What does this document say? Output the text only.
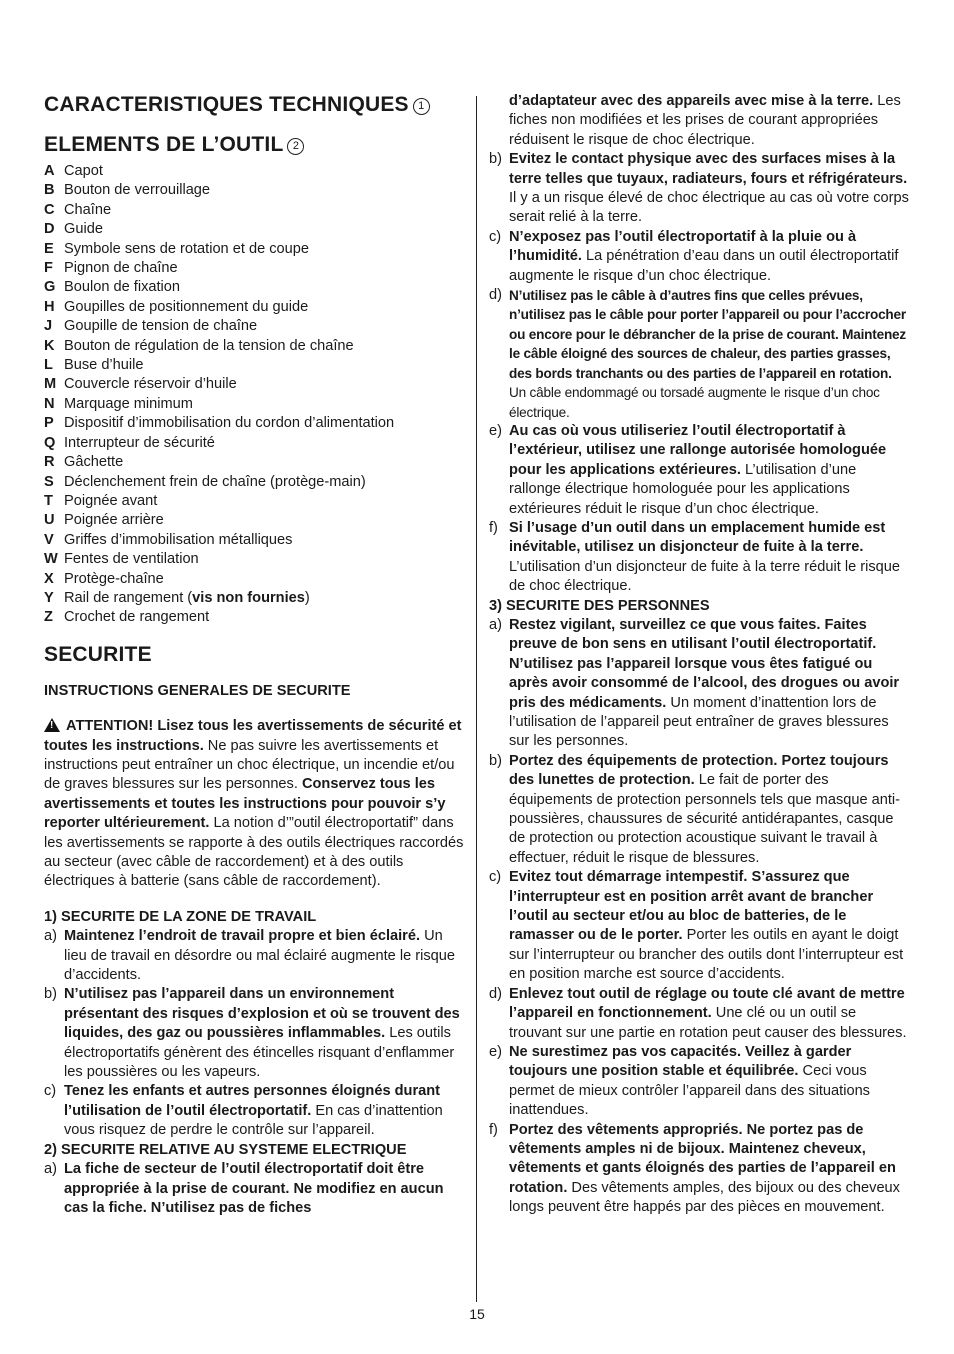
CARACTERISTIQUES TECHNIQUES 1
ELEMENTS DE L’OUTIL 2
A Capot
B Bouton de verrouillage
C Chaîne
D Guide
E Symbole sens de rotation et de coupe
F Pignon de chaîne
G Boulon de fixation
H Goupilles de positionnement du guide
J Goupille de tension de chaîne
K Bouton de régulation de la tension de chaîne
L Buse d’huile
M Couvercle réservoir d’huile
N Marquage minimum
P Dispositif d’immobilisation du cordon d’alimentation
Q Interrupteur de sécurité
R Gâchette
S Déclenchement frein de chaîne (protège-main)
T Poignée avant
U Poignée arrière
V Griffes d’immobilisation métalliques
W Fentes de ventilation
X Protège-chaîne
Y Rail de rangement (vis non fournies)
Z Crochet de rangement
SECURITE

INSTRUCTIONS GENERALES DE SECURITE

!ATTENTION! Lisez tous les avertissements de sécurité et toutes les instructions. Ne pas suivre les avertissements et instructions peut entraîner un choc électrique, un incendie et/ou de graves blessures sur les personnes. Conservez tous les avertissements et toutes les instructions pour pouvoir s’y reporter ultérieurement. La notion d’”outil électroportatif” dans les avertissements se rapporte à des outils électriques raccordés au secteur (avec câble de raccordement) et à des outils électriques à batterie (sans câble de raccordement).

1) SECURITE DE LA ZONE DE TRAVAIL

a) Maintenez l’endroit de travail propre et bien éclairé. Un lieu de travail en désordre ou mal éclairé augmente le risque d’accidents.
b) N’utilisez pas l’appareil dans un environnement présentant des risques d’explosion et où se trouvent des liquides, des gaz ou poussières inflammables. Les outils électroportatifs génèrent des étincelles risquant d’enflammer les poussières ou les vapeurs.
c) Tenez les enfants et autres personnes éloignés durant l’utilisation de l’outil électroportatif. En cas d’inattention vous risquez de perdre le contrôle sur l’appareil.

2) SECURITE RELATIVE AU SYSTEME ELECTRIQUE

a) La fiche de secteur de l’outil électroportatif doit être appropriée à la prise de courant. Ne modifiez en aucun cas la fiche. N’utilisez pas de fiches

d’adaptateur avec des appareils avec mise à la terre. Les fiches non modifiées et les prises de courant appropriées réduisent le risque de choc électrique.

b) Evitez le contact physique avec des surfaces mises à la terre telles que tuyaux, radiateurs, fours et réfrigérateurs. Il y a un risque élevé de choc électrique au cas où votre corps serait relié à la terre.
c) N’exposez pas l’outil électroportatif à la pluie ou à l’humidité. La pénétration d’eau dans un outil électroportatif augmente le risque d’un choc électrique.
d) N’utilisez pas le câble à d’autres fins que celles prévues, n’utilisez pas le câble pour porter l’appareil ou pour l’accrocher ou encore pour le débrancher de la prise de courant. Maintenez le câble éloigné des sources de chaleur, des parties grasses, des bords tranchants ou des parties de l’appareil en rotation. Un câble endommagé ou torsadé augmente le risque d’un choc électrique.
e) Au cas où vous utiliseriez l’outil électroportatif à l’extérieur, utilisez une rallonge autorisée homologuée pour les applications extérieures. L’utilisation d’une rallonge électrique homologuée pour les applications extérieures réduit le risque d’un choc électrique.
f) Si l’usage d’un outil dans un emplacement humide est inévitable, utilisez un disjoncteur de fuite à la terre. L’utilisation d’un disjoncteur de fuite à la terre réduit le risque de choc électrique.

3) SECURITE DES PERSONNES

a) Restez vigilant, surveillez ce que vous faites. Faites preuve de bon sens en utilisant l’outil électroportatif. N’utilisez pas l’appareil lorsque vous êtes fatigué ou après avoir consommé de l’alcool, des drogues ou avoir pris des médicaments. Un moment d’inattention lors de l’utilisation de l’appareil peut entraîner de graves blessures sur les personnes.
b) Portez des équipements de protection. Portez toujours des lunettes de protection. Le fait de porter des équipements de protection personnels tels que masque anti-poussières, chaussures de sécurité antidérapantes, casque de protection ou protection acoustique suivant le travail à effectuer, réduit le risque de blessures.
c) Evitez tout démarrage intempestif. S’assurez que l’interrupteur est en position arrêt avant de brancher l’outil au secteur et/ou au bloc de batteries, de le ramasser ou de le porter. Porter les outils en ayant le doigt sur l’interrupteur ou brancher des outils dont l’interrupteur est en position marche est source d’accidents.
d) Enlevez tout outil de réglage ou toute clé avant de mettre l’appareil en fonctionnement. Une clé ou un outil se trouvant sur une partie en rotation peut causer des blessures.
e) Ne surestimez pas vos capacités. Veillez à garder toujours une position stable et équilibrée. Ceci vous permet de mieux contrôler l’appareil dans des situations inattendues.
f) Portez des vêtements appropriés. Ne portez pas de vêtements amples ni de bijoux. Maintenez cheveux, vêtements et gants éloignés des parties de l’appareil en rotation. Des vêtements amples, des bijoux ou des cheveux longs peuvent être happés par des pièces en mouvement.
15
